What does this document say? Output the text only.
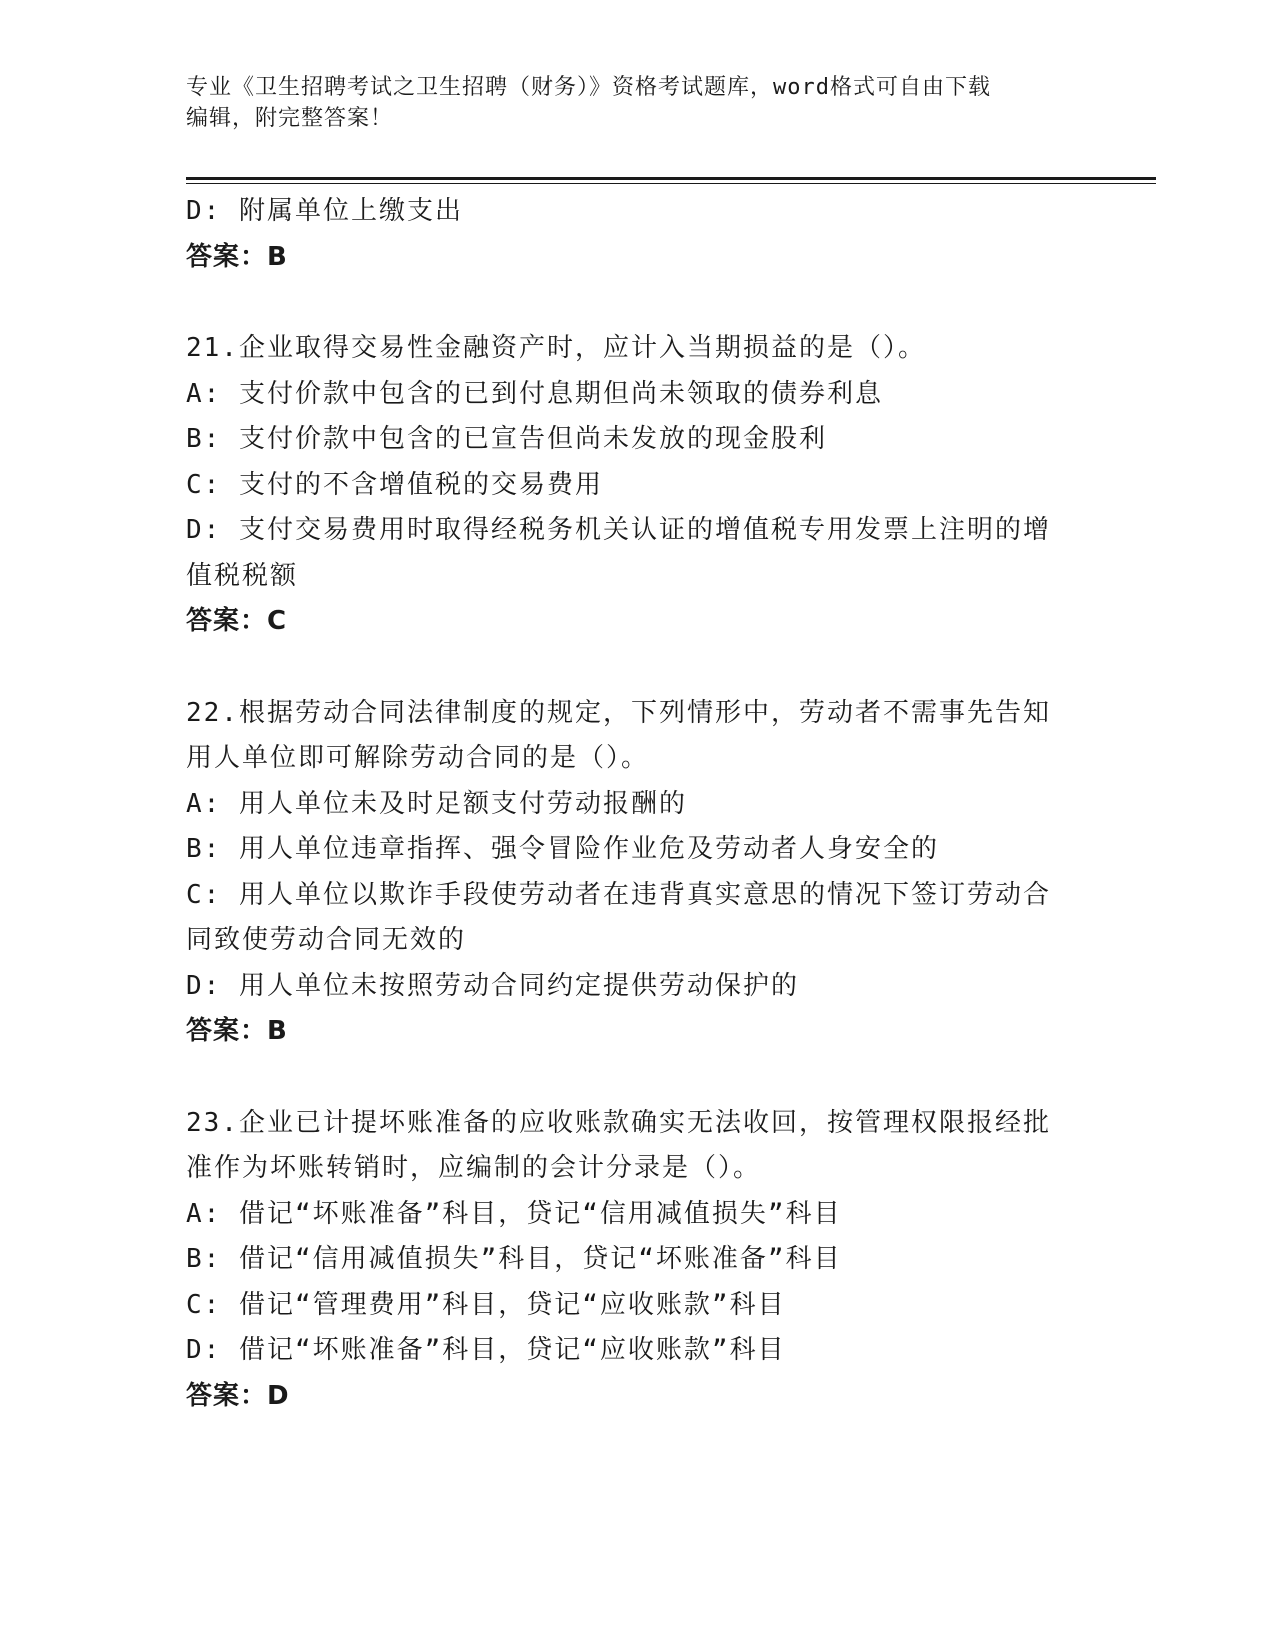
专业《卫生招聘考试之卫生招聘（财务）》资格考试题库，word格式可自由下载
编辑，附完整答案！
D: 附属单位上缴支出
答案：B
21.企业取得交易性金融资产时，应计入当期损益的是（）。
A: 支付价款中包含的已到付息期但尚未领取的债券利息
B: 支付价款中包含的已宣告但尚未发放的现金股利
C: 支付的不含增值税的交易费用
D: 支付交易费用时取得经税务机关认证的增值税专用发票上注明的增值税税额
答案：C
22.根据劳动合同法律制度的规定，下列情形中，劳动者不需事先告知用人单位即可解除劳动合同的是（）。
A: 用人单位未及时足额支付劳动报酬的
B: 用人单位违章指挥、强令冒险作业危及劳动者人身安全的
C: 用人单位以欺诈手段使劳动者在违背真实意思的情况下签订劳动合同致使劳动合同无效的
D: 用人单位未按照劳动合同约定提供劳动保护的
答案：B
23.企业已计提坏账准备的应收账款确实无法收回，按管理权限报经批准作为坏账转销时，应编制的会计分录是（）。
A: 借记“坏账准备”科目，贷记“信用减值损失”科目
B: 借记“信用减值损失”科目，贷记“坏账准备”科目
C: 借记“管理费用”科目，贷记“应收账款”科目
D: 借记“坏账准备”科目，贷记“应收账款”科目
答案：D
